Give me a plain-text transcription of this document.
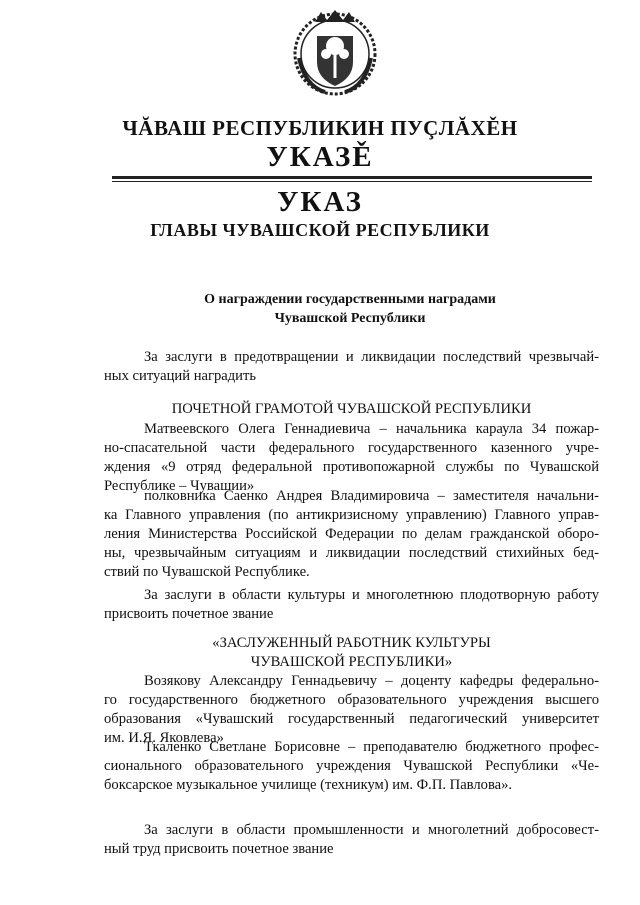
ЧĂВАШ РЕСПУБЛИКИН ПУÇЛĂХĚН
УКАЗĚ
УКАЗ
ГЛАВЫ ЧУВАШСКОЙ РЕСПУБЛИКИ
О награждении государственными наградами
Чувашской Республики
За заслуги в предотвращении и ликвидации последствий чрезвычай-
ных ситуаций наградить
ПОЧЕТНОЙ ГРАМОТОЙ ЧУВАШСКОЙ РЕСПУБЛИКИ
Матвеевского Олега Геннадиевича – начальника караула 34 пожар-
но-спасательной части федерального государственного казенного учре-
ждения «9 отряд федеральной противопожарной службы по Чувашской
Республике – Чувашии»
полковника Саенко Андрея Владимировича – заместителя начальни-
ка Главного управления (по антикризисному управлению) Главного управ-
ления Министерства Российской Федерации по делам гражданской оборо-
ны, чрезвычайным ситуациям и ликвидации последствий стихийных бед-
ствий по Чувашской Республике.
За заслуги в области культуры и многолетнюю плодотворную работу
присвоить почетное звание
«ЗАСЛУЖЕННЫЙ РАБОТНИК КУЛЬТУРЫ
ЧУВАШСКОЙ РЕСПУБЛИКИ»
Возякову Александру Геннадьевичу – доценту кафедры федерально-
го государственного бюджетного образовательного учреждения высшего
образования «Чувашский государственный педагогический университет
им. И.Я. Яковлева»
Ткаленко Светлане Борисовне – преподавателю бюджетного профес-
сионального образовательного учреждения Чувашской Республики «Че-
боксарское музыкальное училище (техникум) им. Ф.П. Павлова».
За заслуги в области промышленности и многолетний добросовест-
ный труд присвоить почетное звание
